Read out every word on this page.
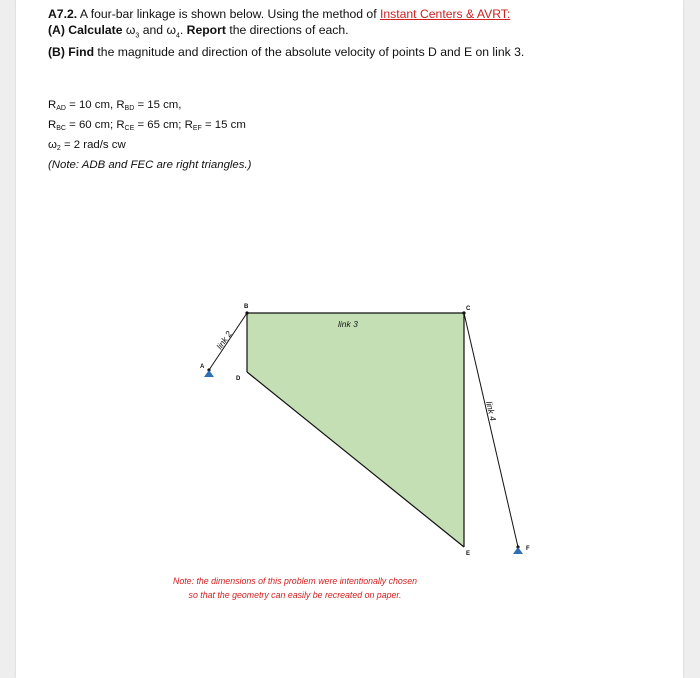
A7.2. A four-bar linkage is shown below. Using the method of Instant Centers & AVRT:
(A) Calculate $\omega_3$ and $\omega_4$. Report the directions of each.
(B) Find the magnitude and direction of the absolute velocity of points D and E on link 3.
$R_{AD} = 10$ cm, $R_{BD} = 15$ cm,
$R_{BC} = 60$ cm; $R_{CE} = 65$ cm; $R_{EF} = 15$ cm
$\omega_2 = 2$ rad/s cw
(Note: ADB and FEC are right triangles.)
A
B	C
D
E
F
link 3
link 2
link 4
Note: the dimensions of this problem were intentionally chosen
so that the geometry can easily be recreated on paper.
